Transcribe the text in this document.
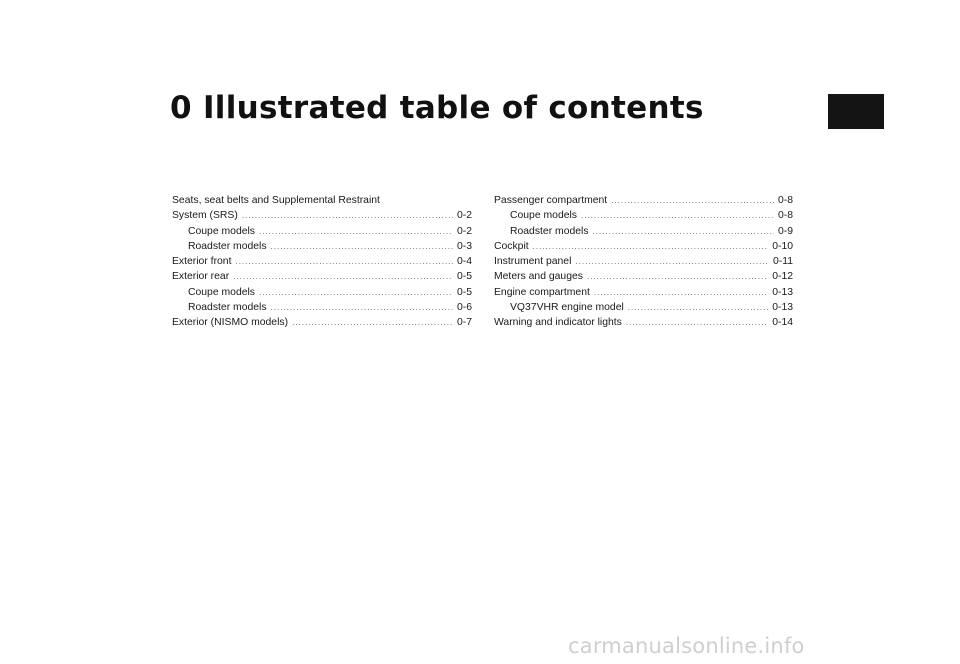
0 Illustrated table of contents
Seats, seat belts and Supplemental Restraint
System (SRS) .....	0-2
Coupe models .....	0-2
Roadster models .....	0-3
Exterior front .....	0-4
Exterior rear .....	0-5
Coupe models .....	0-5
Roadster models .....	0-6
Exterior (NISMO models) .....	0-7
Passenger compartment .....	0-8
Coupe models .....	0-8
Roadster models .....	0-9
Cockpit .....	0-10
Instrument panel .....	0-11
Meters and gauges .....	0-12
Engine compartment .....	0-13
VQ37VHR engine model .....	0-13
Warning and indicator lights .....	0-14
carmanualsonline.info
